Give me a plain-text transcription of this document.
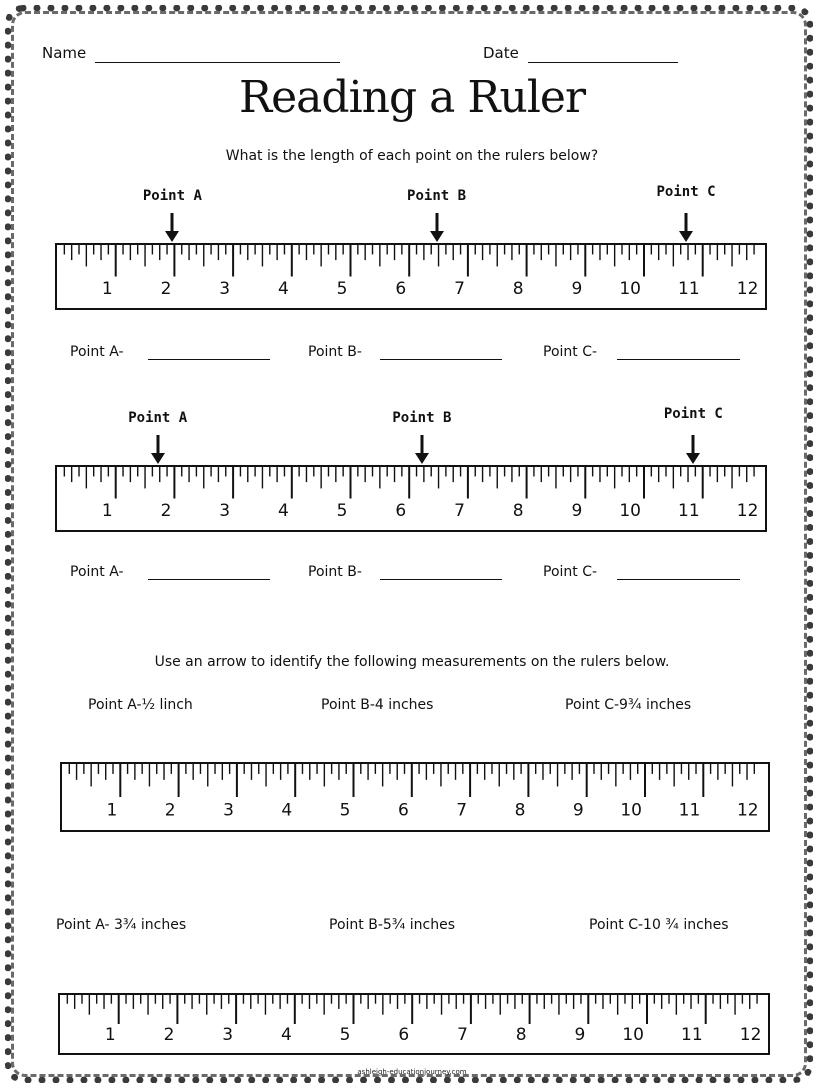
Name	Date
Reading a Ruler
What is the length of each point on the rulers below?
Point A	Point B	Point C
1	2	3	4	5	6	7	8	9 10 11 12
Point A-	Point B-	Point C-
Point A	Point B	Point C
1	2	3	4	5	6	7	8	9 10 11 12
Point A-	Point B-	Point C-
Use an arrow to identify the following measurements on the rulers below.
Point A-½ linch	Point B-4 inches	Point C-9¾ inches
1	2	3	4	5	6	7	8	9 10 11 12
Point A- 3¾ inches	Point B-5¾ inches	Point C-10 ¾ inches
1	2	3	4	5	6	7	8	9 10 11 12
ashleigh-educationjourney.com
